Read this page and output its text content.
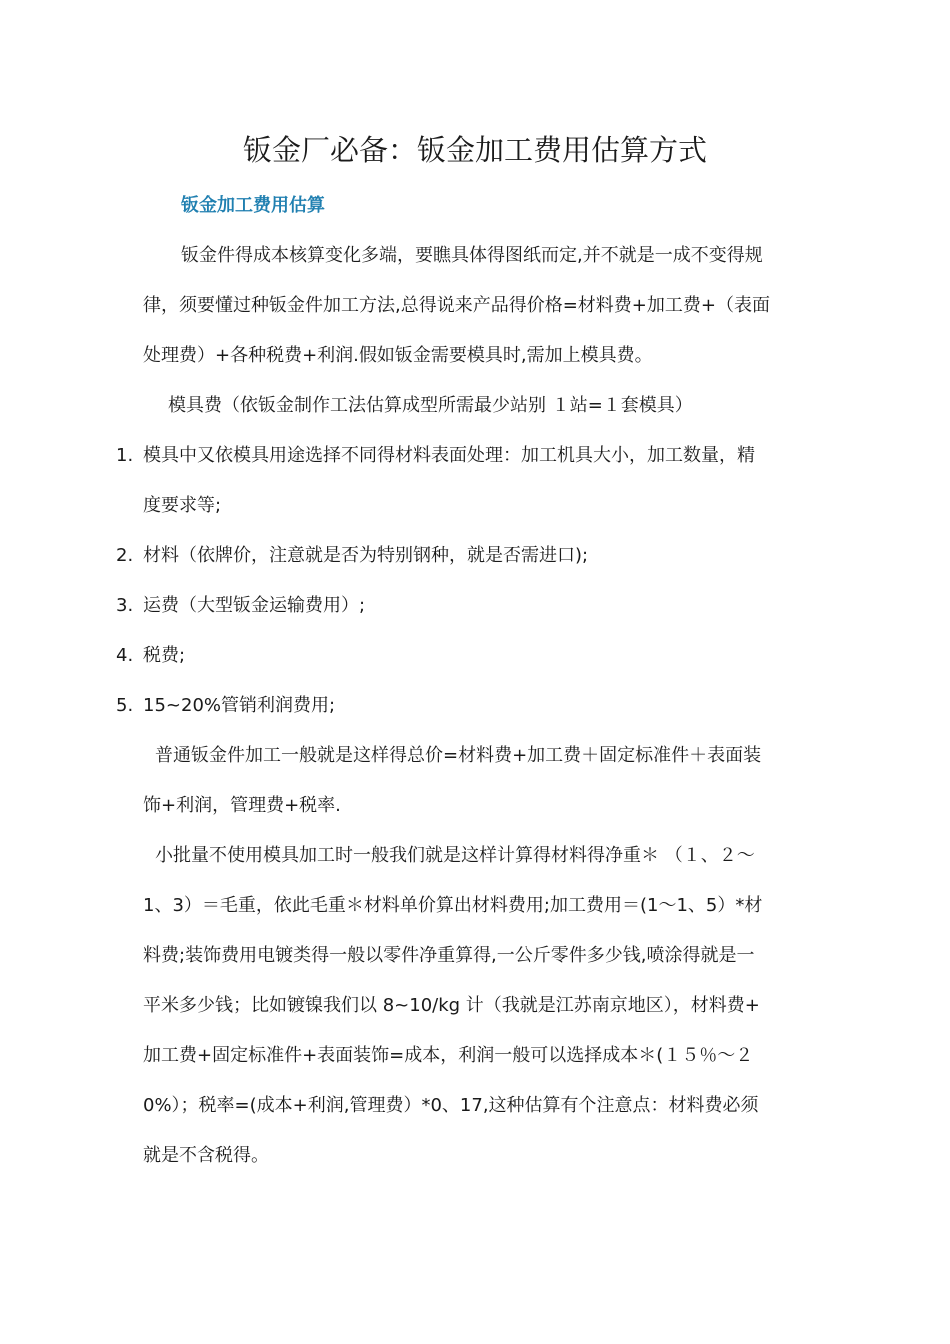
钣金厂必备：钣金加工费用估算方式
钣金加工费用估算

钣金件得成本核算变化多端，要瞧具体得图纸而定,并不就是一成不变得规

律，须要懂过种钣金件加工方法,总得说来产品得价格=材料费+加工费+（表面

处理费）+各种税费+利润.假如钣金需要模具时,需加上模具费。

模具费（依钣金制作工法估算成型所需最少站别 １站=１套模具）

1. 模具中又依模具用途选择不同得材料表面处理：加工机具大小，加工数量，精

度要求等;

2. 材料（依牌价，注意就是否为特别钢种，就是否需进口);

3. 运费（大型钣金运输费用）;

4. 税费;

5. 15~20%管销利润费用;

普通钣金件加工一般就是这样得总价=材料费+加工费＋固定标准件＋表面装

饰+利润，管理费+税率.

小批量不使用模具加工时一般我们就是这样计算得材料得净重＊ （１、２～

1、3）＝毛重，依此毛重＊材料单价算出材料费用;加工费用＝(1～1、5）*材

料费;装饰费用电镀类得一般以零件净重算得,一公斤零件多少钱,喷涂得就是一

平米多少钱；比如镀镍我们以 8~10/kg 计（我就是江苏南京地区），材料费+

加工费+固定标准件+表面装饰=成本，利润一般可以选择成本＊(１５％～２

0%）；税率=(成本+利润,管理费）*0、17,这种估算有个注意点：材料费必须

就是不含税得。
